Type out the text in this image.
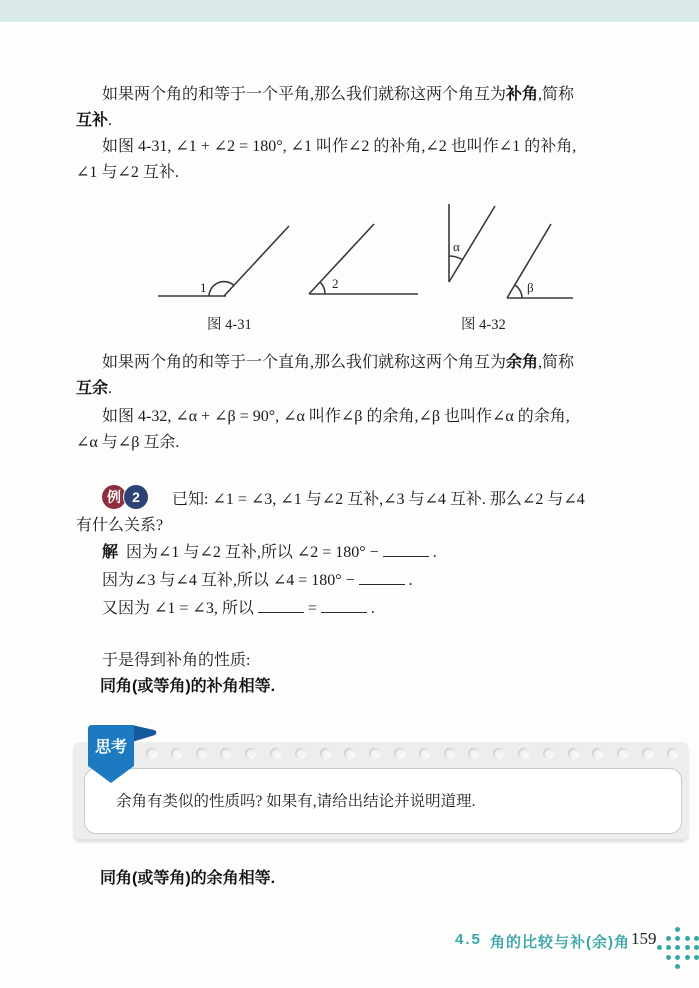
如果两个角的和等于一个平角,那么我们就称这两个角互为补角,简称
互补.
如图 4-31, ∠1 + ∠2 = 180°, ∠1 叫作∠2 的补角,∠2 也叫作∠1 的补角,
∠1 与∠2 互补.
1	2
图 4-31
α
β
图 4-32
如果两个角的和等于一个直角,那么我们就称这两个角互为余角,简称
互余.
如图 4-32, ∠α + ∠β = 90°, ∠α 叫作∠β 的余角,∠β 也叫作∠α 的余角,
∠α 与∠β 互余.
例 2	已知: ∠1 = ∠3, ∠1 与∠2 互补,∠3 与∠4 互补. 那么∠2 与∠4
有什么关系?
解 因为∠1 与∠2 互补,所以 ∠2 = 180° −	.
因为∠3 与∠4 互补,所以 ∠4 = 180° −	.
又因为 ∠1 = ∠3, 所以	=	.
于是得到补角的性质:
同角(或等角)的补角相等.
余角有类似的性质吗? 如果有,请给出结论并说明道理.
思考
同角(或等角)的余角相等.
4.5 角的比较与补(余)角 159
